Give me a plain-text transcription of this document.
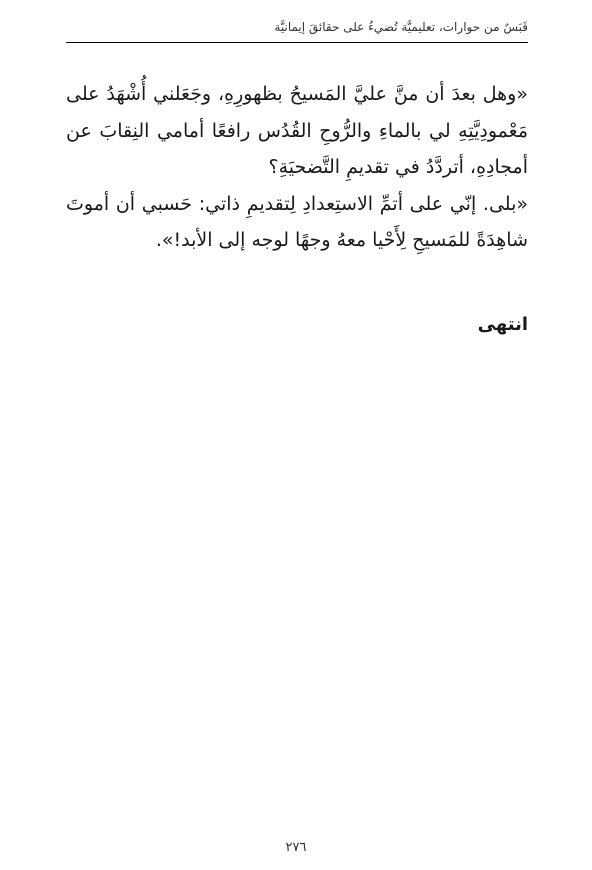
قَبَسٌ من حوارات، تعليميَّة تُضيءُ على حقائقَ إيمانيَّة

«وهل بعدَ أن منَّ عليَّ المَسيحُ بظهورِهِ، وجَعَلني أُشْهَدُ على مَعْمودِيَّتِهِ لي بالماءِ والرُّوحِ القُدُس رافعًا أمامي النِقابَ عن أمجادِهِ، أتردَّدُ في تقديمِ التَّضحيَةِ؟

«بلى. إنّي على أتمِّ الاستِعدادِ لِتقديمِ ذاتي: حَسبي أن أموتَ شاهِدَةً للمَسيحِ لِأَحْيا معهُ وجهًا لوجه إلى الأبد!».

انتهى
٢٧٦
